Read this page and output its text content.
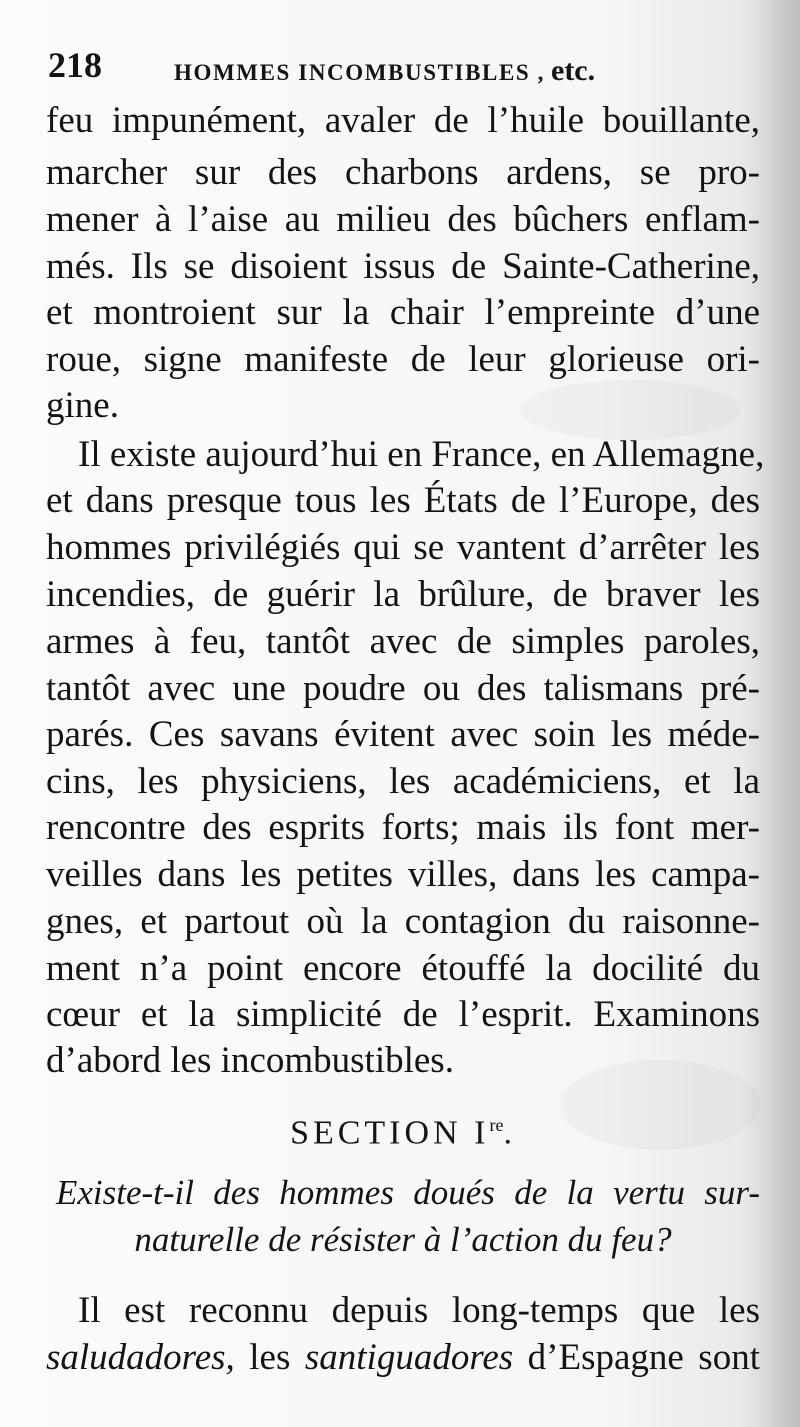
218	HOMMES INCOMBUSTIBLES , etc.
feu impunément, avaler de l’huile bouillante,
marcher sur des charbons ardens, se pro-
mener à l’aise au milieu des bûchers enflam-
més. Ils se disoient issus de Sainte-Catherine,
et montroient sur la chair l’empreinte d’une
roue, signe manifeste de leur glorieuse ori-
gine.
Il existe aujourd’hui en France, en Allemagne,
et dans presque tous les États de l’Europe, des
hommes privilégiés qui se vantent d’arrêter les
incendies, de guérir la brûlure, de braver les
armes à feu, tantôt avec de simples paroles,
tantôt avec une poudre ou des talismans pré-
parés. Ces savans évitent avec soin les méde-
cins, les physiciens, les académiciens, et la
rencontre des esprits forts; mais ils font mer-
veilles dans les petites villes, dans les campa-
gnes, et partout où la contagion du raisonne-
ment n’a point encore étouffé la docilité du
cœur et la simplicité de l’esprit. Examinons
d’abord les incombustibles.
SECTION Ire.
Existe-t-il des hommes doués de la vertu sur-
naturelle de résister à l’action du feu?
Il est reconnu depuis long-temps que les
saludadores, les santiguadores d’Espagne sont
